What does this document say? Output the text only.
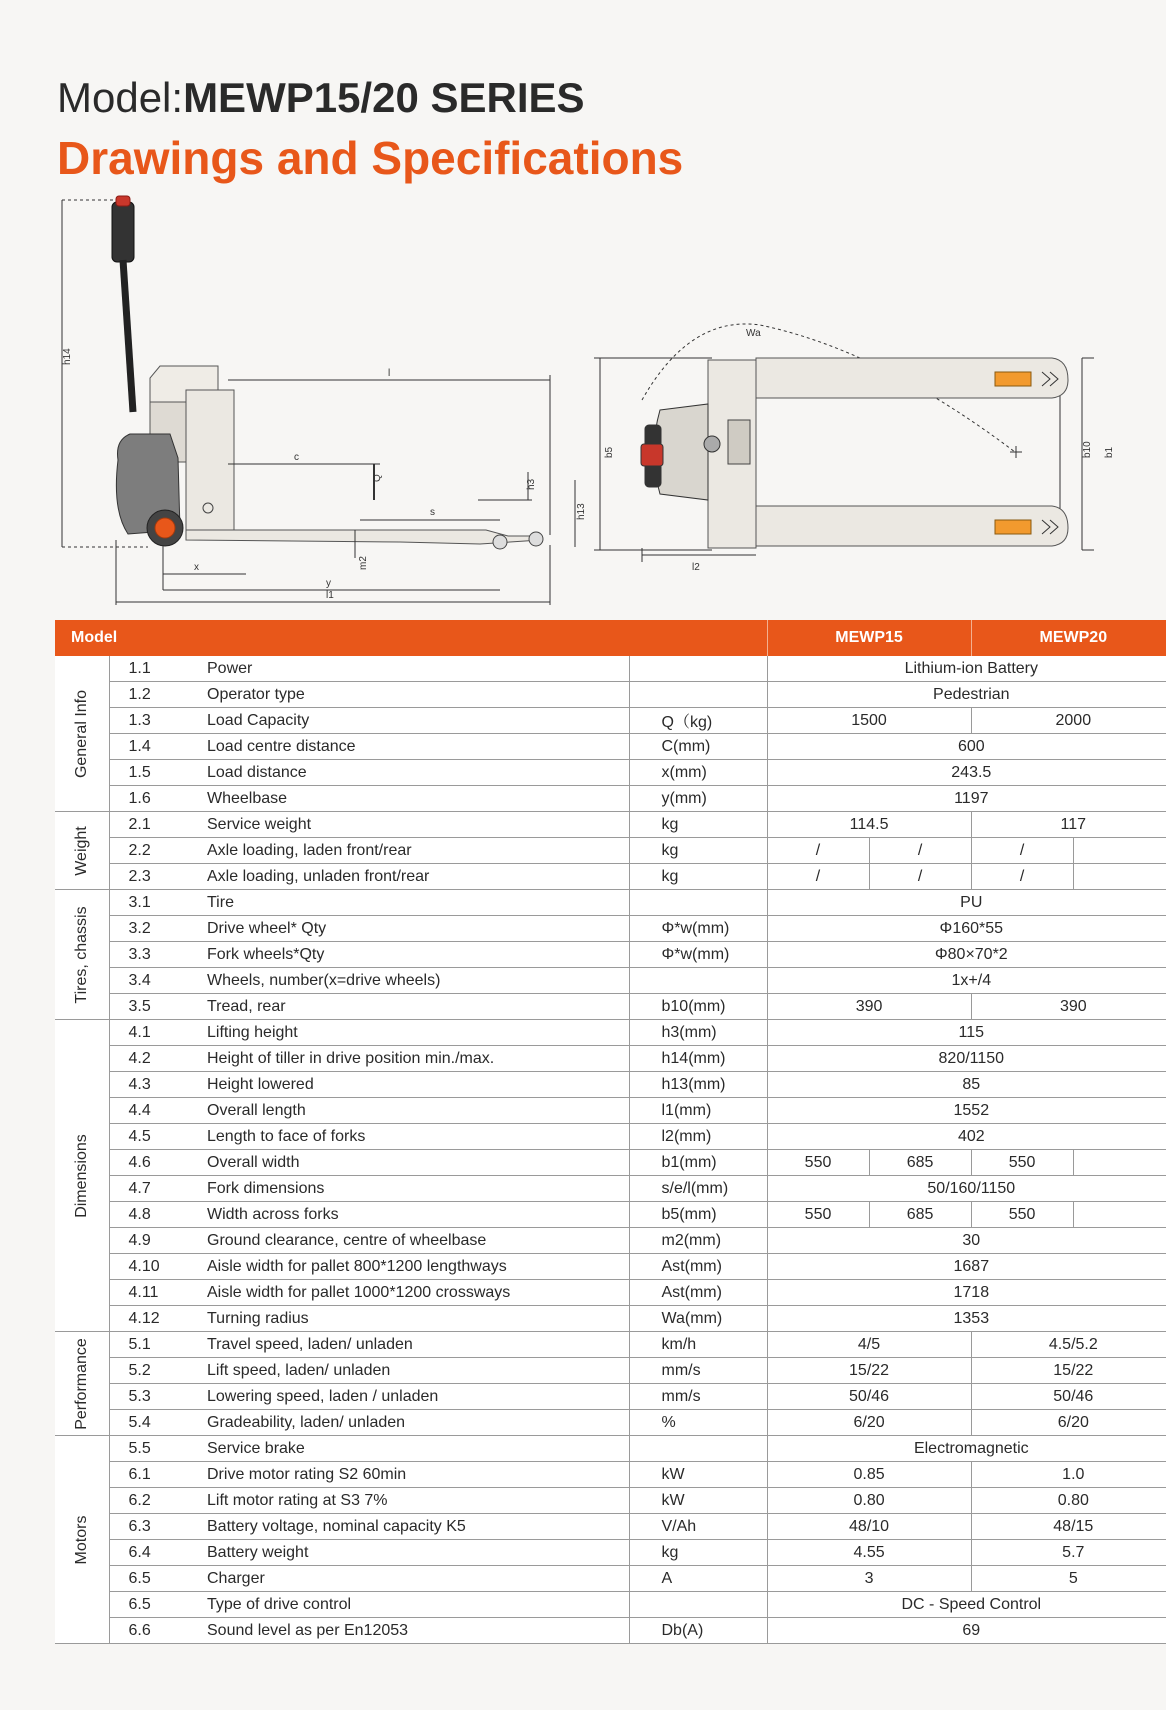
Model:MEWP15/20 SERIES
Drawings and Specifications
h14
l
c
Q
h3
h13
s
m2
x
y
l1
Wa
b5	b10 b1
l2
Model				MEWP15		MEWP20	

General Info	1.1	Power		Lithium-ion Battery			
	1.2	Operator type		Pedestrian			
	1.3	Load Capacity	Q（kg)	1500		2000	
	1.4	Load centre distance	C(mm)	600			
	1.5	Load distance	x(mm)	243.5			
	1.6	Wheelbase	y(mm)	1197			

Weight	2.1	Service weight	kg	114.5		117	
	2.2	Axle loading, laden front/rear	kg	/	/	/	
	2.3	Axle loading, unladen front/rear	kg	/	/	/	

Tires, chassis	3.1	Tire		PU			
	3.2	Drive wheel* Qty	Φ*w(mm)	Φ160*55			
	3.3	Fork wheels*Qty	Φ*w(mm)	Φ80×70*2			
	3.4	Wheels, number(x=drive wheels)		1x+/4			
	3.5	Tread, rear	b10(mm)	390		390	

Dimensions	4.1	Lifting height	h3(mm)	115			
	4.2	Height of tiller in drive position min./max.	h14(mm)	820/1150			
	4.3	Height lowered	h13(mm)	85			
	4.4	Overall length	l1(mm)	1552			
	4.5	Length to face of forks	l2(mm)	402			
	4.6	Overall width	b1(mm)	550	685	550	
	4.7	Fork dimensions	s/e/l(mm)	50/160/1150			
	4.8	Width across forks	b5(mm)	550	685	550	
	4.9	Ground clearance, centre of wheelbase	m2(mm)	30			
	4.10	Aisle width for pallet 800*1200 lengthways	Ast(mm)	1687			
	4.11	Aisle width for pallet 1000*1200 crossways	Ast(mm)	1718			
	4.12	Turning radius	Wa(mm)	1353			

Performance	5.1	Travel speed, laden/ unladen	km/h	4/5		4.5/5.2	
	5.2	Lift speed, laden/ unladen	mm/s	15/22		15/22	
	5.3	Lowering speed, laden / unladen	mm/s	50/46		50/46	
	5.4	Gradeability, laden/ unladen	%	6/20		6/20	

Motors	5.5	Service brake		Electromagnetic			
	6.1	Drive motor rating S2 60min	kW	0.85		1.0	
	6.2	Lift motor rating at S3 7%	kW	0.80		0.80	
	6.3	Battery voltage, nominal capacity K5	V/Ah	48/10		48/15	
	6.4	Battery weight	kg	4.55		5.7	
	6.5	Charger	A	3		5	
	6.5	Type of drive control		DC - Speed Control			
	6.6	Sound level as per En12053	Db(A)	69			
